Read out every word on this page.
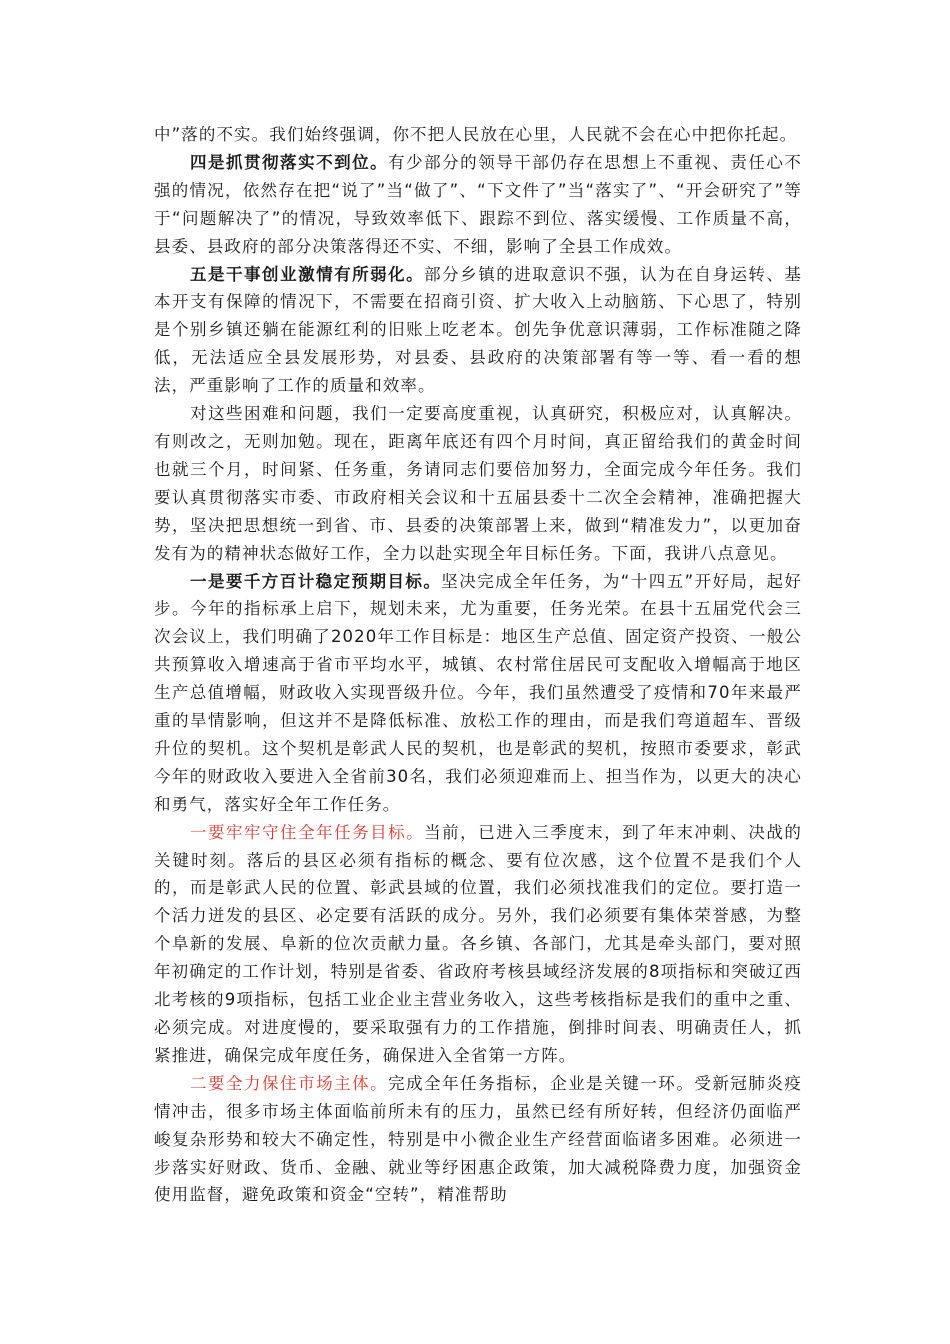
中”落的不实。我们始终强调，你不把人民放在心里，人民就不会在心中把你托起。

四是抓贯彻落实不到位。有少部分的领导干部仍存在思想上不重视、责任心不强的情况，依然存在把“说了”当“做了”、“下文件了”当“落实了”、“开会研究了”等于“问题解决了”的情况，导致效率低下、跟踪不到位、落实缓慢、工作质量不高，县委、县政府的部分决策落得还不实、不细，影响了全县工作成效。

五是干事创业激情有所弱化。部分乡镇的进取意识不强，认为在自身运转、基本开支有保障的情况下，不需要在招商引资、扩大收入上动脑筋、下心思了，特别是个别乡镇还躺在能源红利的旧账上吃老本。创先争优意识薄弱，工作标准随之降低，无法适应全县发展形势，对县委、县政府的决策部署有等一等、看一看的想法，严重影响了工作的质量和效率。

对这些困难和问题，我们一定要高度重视，认真研究，积极应对，认真解决。有则改之，无则加勉。现在，距离年底还有四个月时间，真正留给我们的黄金时间也就三个月，时间紧、任务重，务请同志们要倍加努力，全面完成今年任务。我们要认真贯彻落实市委、市政府相关会议和十五届县委十二次全会精神，准确把握大势，坚决把思想统一到省、市、县委的决策部署上来，做到“精准发力”，以更加奋发有为的精神状态做好工作，全力以赴实现全年目标任务。下面，我讲八点意见。

一是要千方百计稳定预期目标。坚决完成全年任务，为“十四五”开好局，起好步。今年的指标承上启下，规划未来，尤为重要，任务光荣。在县十五届党代会三次会议上，我们明确了2020年工作目标是：地区生产总值、固定资产投资、一般公共预算收入增速高于省市平均水平，城镇、农村常住居民可支配收入增幅高于地区生产总值增幅，财政收入实现晋级升位。今年，我们虽然遭受了疫情和70年来最严重的旱情影响，但这并不是降低标准、放松工作的理由，而是我们弯道超车、晋级升位的契机。这个契机是彰武人民的契机，也是彰武的契机，按照市委要求，彰武今年的财政收入要进入全省前30名，我们必须迎难而上、担当作为，以更大的决心和勇气，落实好全年工作任务。

一要牢牢守住全年任务目标。当前，已进入三季度末，到了年末冲刺、决战的关键时刻。落后的县区必须有指标的概念、要有位次感，这个位置不是我们个人的，而是彰武人民的位置、彰武县域的位置，我们必须找准我们的定位。要打造一个活力迸发的县区、必定要有活跃的成分。另外，我们必须要有集体荣誉感，为整个阜新的发展、阜新的位次贡献力量。各乡镇、各部门，尤其是牵头部门，要对照年初确定的工作计划，特别是省委、省政府考核县域经济发展的8项指标和突破辽西北考核的9项指标，包括工业企业主营业务收入，这些考核指标是我们的重中之重、必须完成。对进度慢的，要采取强有力的工作措施，倒排时间表、明确责任人，抓紧推进，确保完成年度任务，确保进入全省第一方阵。

二要全力保住市场主体。完成全年任务指标，企业是关键一环。受新冠肺炎疫情冲击，很多市场主体面临前所未有的压力，虽然已经有所好转，但经济仍面临严峻复杂形势和较大不确定性，特别是中小微企业生产经营面临诸多困难。必须进一步落实好财政、货币、金融、就业等纾困惠企政策，加大减税降费力度，加强资金使用监督，避免政策和资金“空转”，精准帮助
